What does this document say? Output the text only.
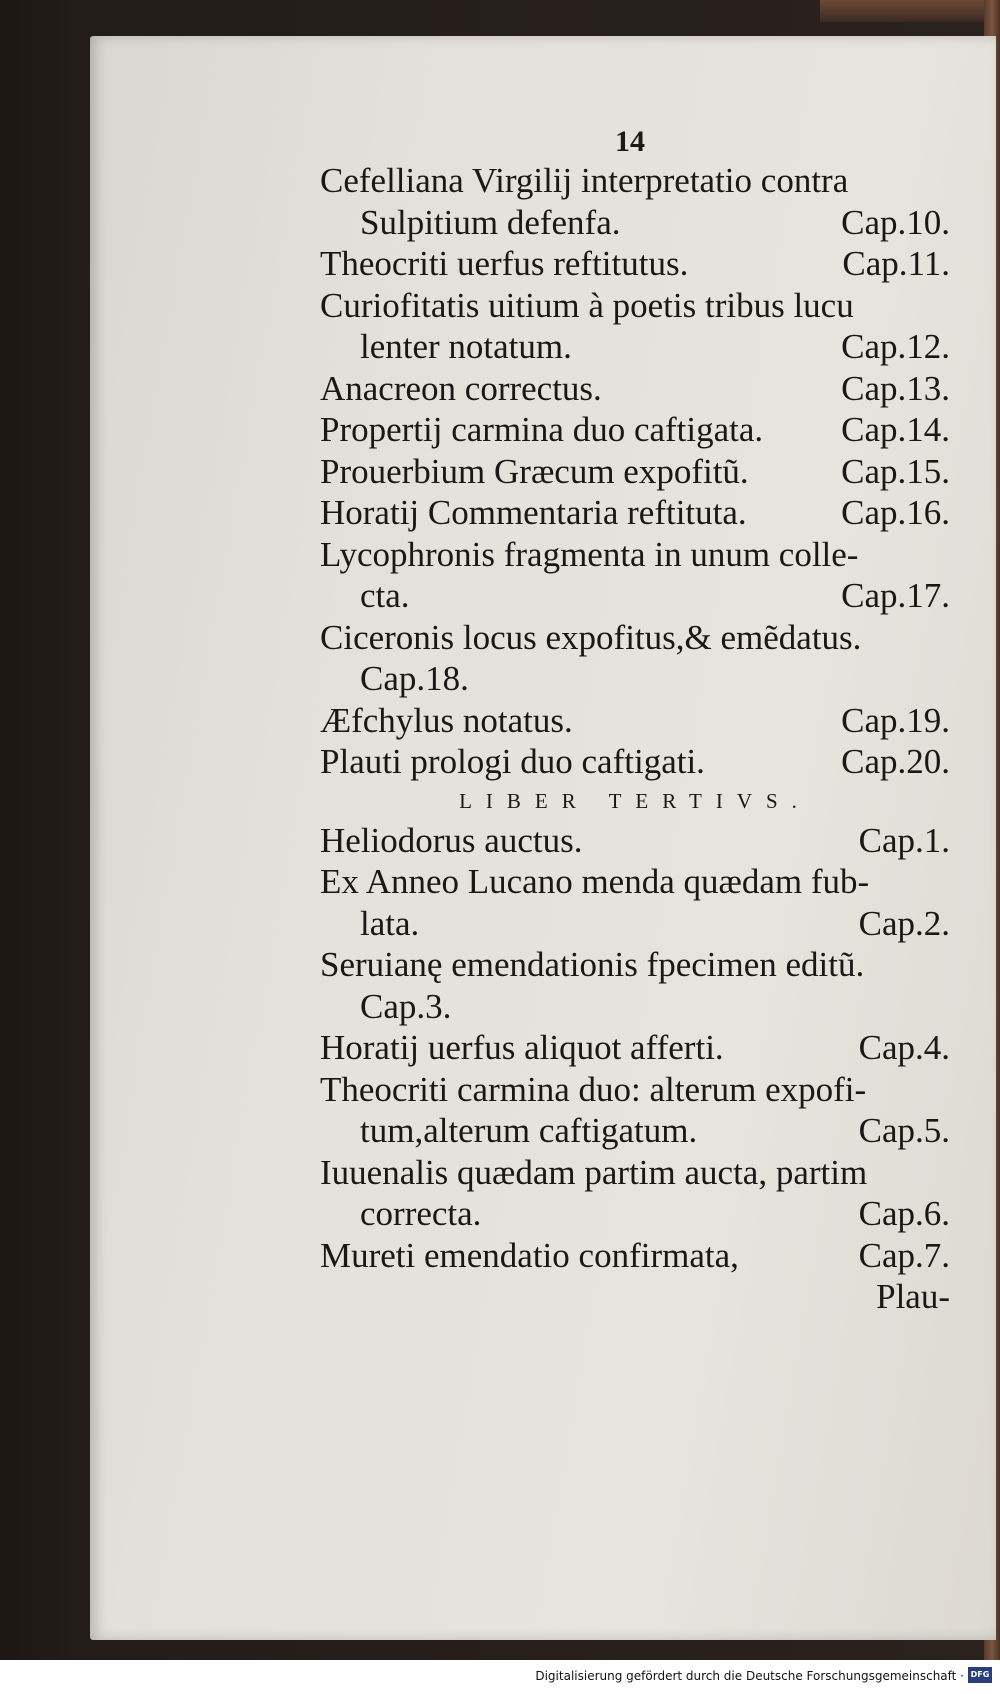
14
Cefelliana Virgilij interpretatio contra
Sulpitium defenfa.	Cap.10.
Theocriti uerfus reftitutus.	Cap.11.
Curiofitatis uitium à poetis tribus lucu
lenter notatum.	Cap.12.
Anacreon correctus.	Cap.13.
Propertij carmina duo caftigata. Cap.14.
Prouerbium Græcum expofitũ.	Cap.15.
Horatij Commentaria reftituta.	Cap.16.
Lycophronis fragmenta in unum colle-
cta.	Cap.17.
Ciceronis locus expofitus,& emẽdatus.
Cap.18.
Æfchylus notatus.	Cap.19.
Plauti prologi duo caftigati.	Cap.20.
LIBER TERTIVS.
Heliodorus auctus.	Cap.1.
Ex Anneo Lucano menda quædam fub-
lata.	Cap.2.
Seruianę emendationis fpecimen editũ.
Cap.3.
Horatij uerfus aliquot afferti.	Cap.4.
Theocriti carmina duo: alterum expofi-
tum,alterum caftigatum.	Cap.5.
Iuuenalis quædam partim aucta, partim
correcta.	Cap.6.
Mureti emendatio confirmata,	Cap.7.
Plau-
Digitalisierung gefördert durch die Deutsche Forschungsgemeinschaft · DFG
